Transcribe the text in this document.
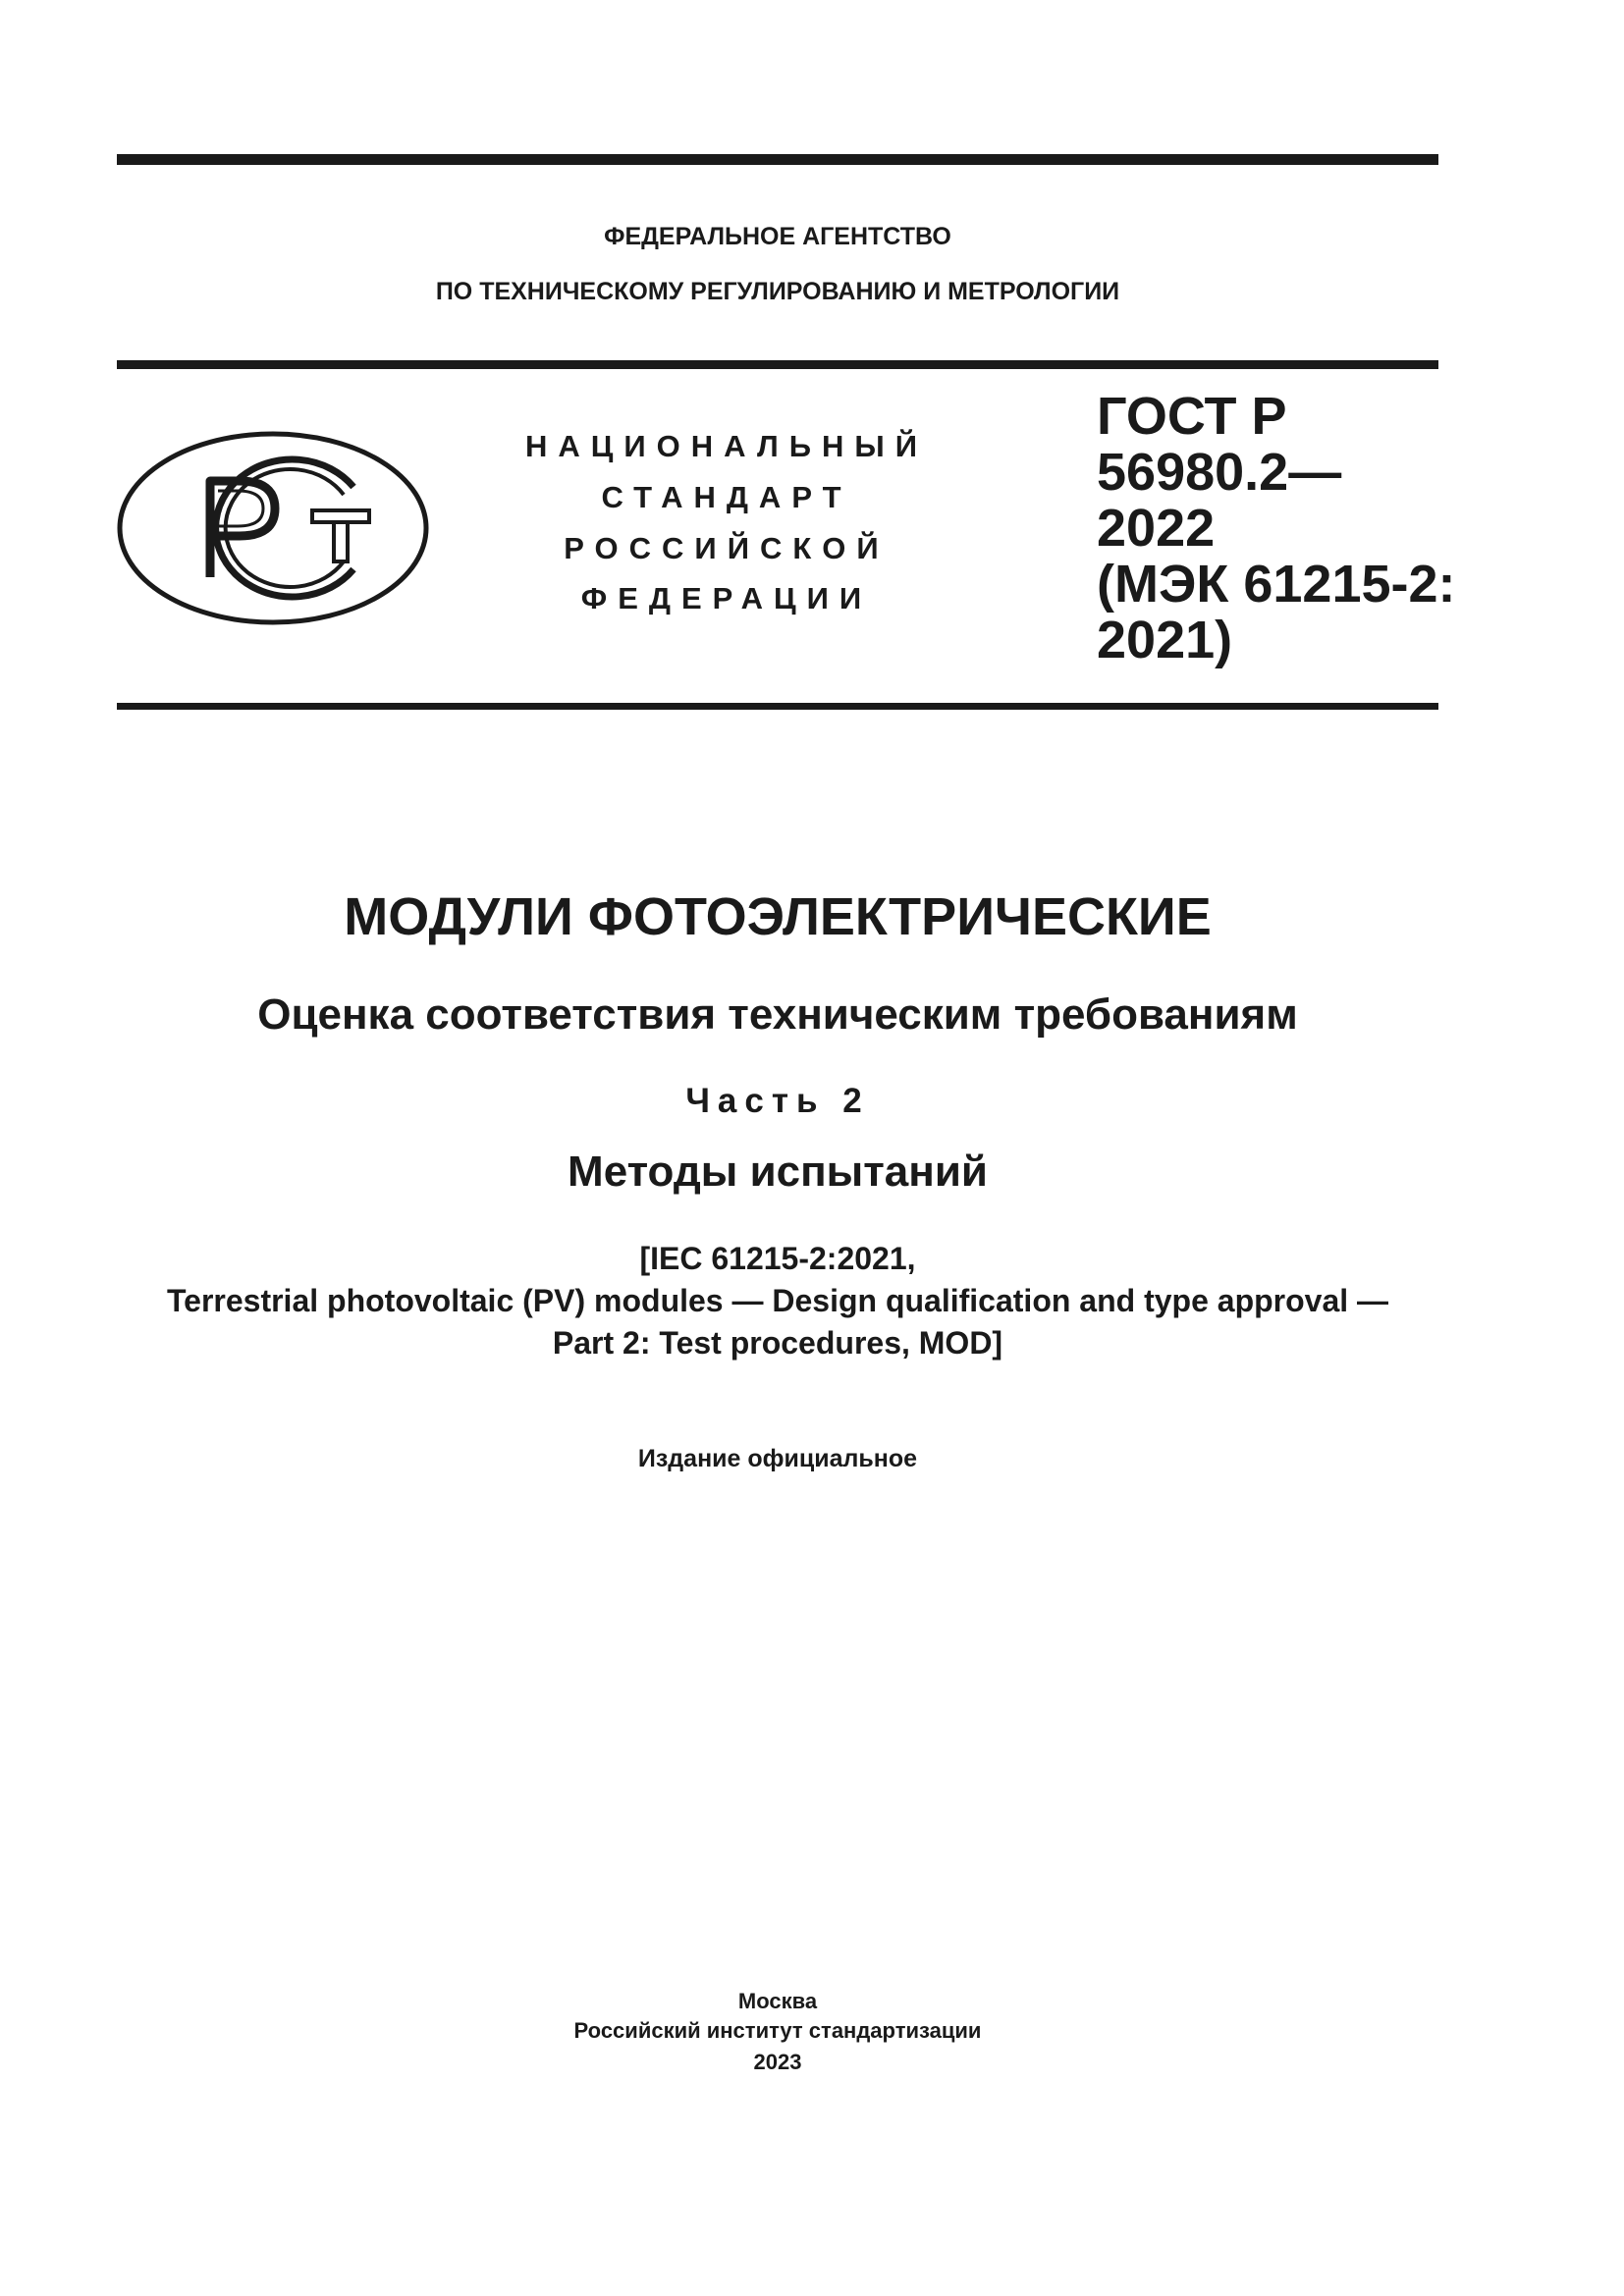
ФЕДЕРАЛЬНОЕ АГЕНТСТВО
ПО ТЕХНИЧЕСКОМУ РЕГУЛИРОВАНИЮ И МЕТРОЛОГИИ
НАЦИОНАЛЬНЫЙ
СТАНДАРТ
РОССИЙСКОЙ
ФЕДЕРАЦИИ
ГОСТ Р
56980.2—
2022
(МЭК 61215-2:
2021)
МОДУЛИ ФОТОЭЛЕКТРИЧЕСКИЕ
Оценка соответствия техническим требованиям
Часть 2
Методы испытаний
[IEC 61215-2:2021,
Terrestrial photovoltaic (PV) modules — Design qualification and type approval —
Part 2: Test procedures, MOD]
Издание официальное
Москва
Российский институт стандартизации
2023
